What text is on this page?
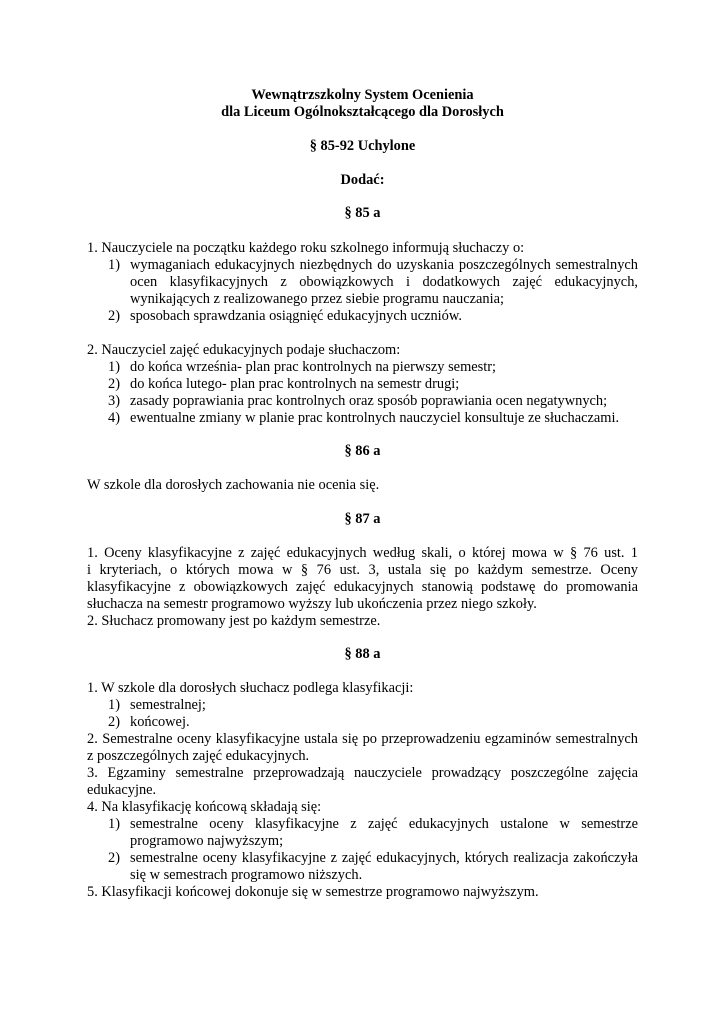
Wewnątrzszkolny System Oceni​enia
dla Liceum Ogólnokształcącego dla Dorosłych
§ 85-92 Uchylone
Dodać:
§ 85 a

1. Nauczyciele na początku każdego roku szkolnego informują słuchaczy o:

1) wymaganiach edukacyjnych niezbędnych do uzyskania poszczególnych semestralnych
ocen klasyfikacyjnych z obowiązkowych i dodatkowych zajęć edukacyjnych,
wynikających z realizowanego przez siebie programu nauczania;
2) sposobach sprawdzania osiągnięć edukacyjnych uczniów.

2. Nauczyciel zajęć edukacyjnych podaje słuchaczom:

1) do końca września- plan prac kontrolnych na pierwszy semestr;
2) do końca lutego- plan prac kontrolnych na semestr drugi;
3) zasady poprawiania prac kontrolnych oraz sposób poprawiania ocen negatywnych;
4) ewentualne zmiany w planie prac kontrolnych nauczyciel konsultuje ze słuchaczami.
§ 86 a

W szkole dla dorosłych zachowania nie ocenia się.

§ 87 a
1. Oceny klasyfikacyjne z zajęć edukacyjnych według skali, o której mowa w § 76 ust. 1
i kryteriach, o których mowa w § 76 ust. 3, ustala się po każdym semestrze. Oceny
klasyfikacyjne z obowiązkowych zajęć edukacyjnych stanowią podstawę do promowania
słuchacza na semestr programowo wyższy lub ukończenia przez niego szkoły.
2. Słuchacz promowany jest po każdym semestrze.
§ 88 a

1. W szkole dla dorosłych słuchacz podlega klasyfikacji:

1) semestralnej;
2) końcowej.
2. Semestralne oceny klasyfikacyjne ustala się po przeprowadzeniu egzaminów semestralnych
z poszczególnych zajęć edukacyjnych.
3. Egzaminy semestralne przeprowadzają nauczyciele prowadzący poszczególne zajęcia
edukacyjne.
4. Na klasyfikację końcową składają się:
1) semestralne oceny klasyfikacyjne z zajęć edukacyjnych ustalone w semestrze
programowo najwyższym;
2) semestralne oceny klasyfikacyjne z zajęć edukacyjnych, których realizacja zakończyła
się w semestrach programowo niższych.
5. Klasyfikacji końcowej dokonuje się w semestrze programowo najwyższym.
